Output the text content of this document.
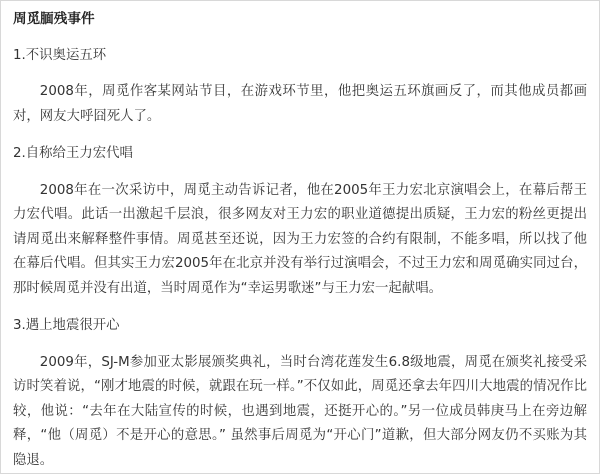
周觅腼残事件
1.不识奥运五环
2008年，周觅作客某网站节目，在游戏环节里，他把奥运五环旗画反了，而其他成员都画对，网友大呼囧死人了。
2.自称给王力宏代唱
2008年在一次采访中，周觅主动告诉记者，他在2005年王力宏北京演唱会上，在幕后帮王力宏代唱。此话一出激起千层浪，很多网友对王力宏的职业道德提出质疑，王力宏的粉丝更提出请周觅出来解释整件事情。周觅甚至还说，因为王力宏签的合约有限制，不能多唱，所以找了他在幕后代唱。但其实王力宏2005年在北京并没有举行过演唱会，不过王力宏和周觅确实同过台，那时候周觅并没有出道，当时周觅作为“幸运男歌迷”与王力宏一起献唱。
3.遇上地震很开心
2009年，SJ-M参加亚太影展颁奖典礼，当时台湾花莲发生6.8级地震，周觅在颁奖礼接受采访时笑着说，“刚才地震的时候，就跟在玩一样。”不仅如此，周觅还拿去年四川大地震的情况作比较，他说：“去年在大陆宣传的时候，也遇到地震，还挺开心的。”另一位成员韩庚马上在旁边解释，“他（周觅）不是开心的意思。” 虽然事后周觅为“开心门”道歉，但大部分网友仍不买账为其隐退。
